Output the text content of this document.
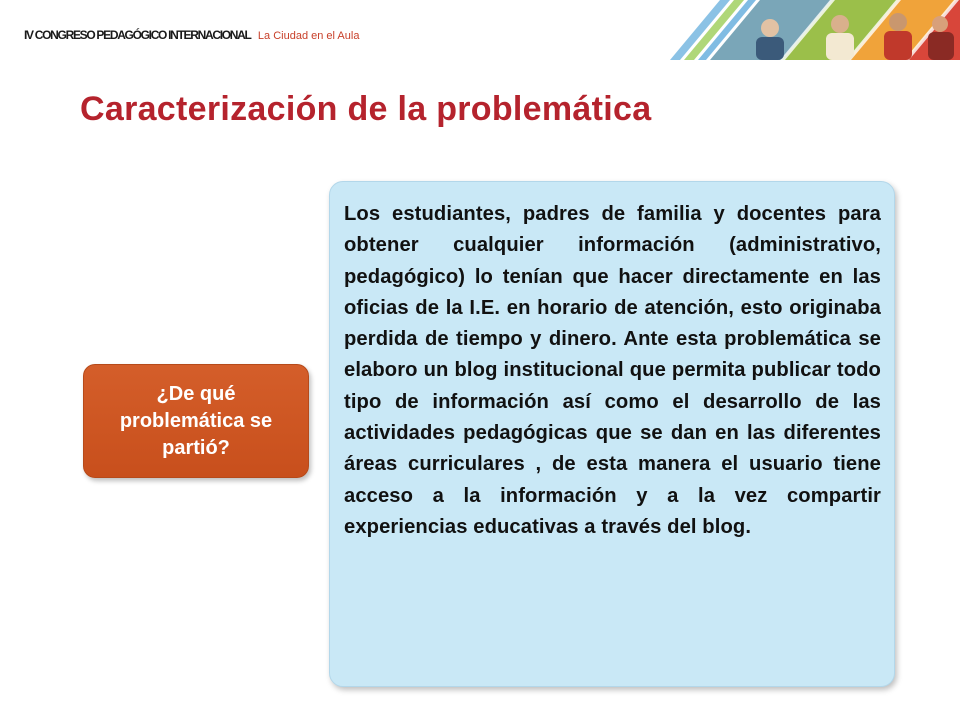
IV CONGRESO PEDAGÓGICO INTERNACIONAL La Ciudad en el Aula
Caracterización de la problemática
¿De qué problemática se partió?

Los estudiantes, padres de familia y docentes para obtener cualquier información (administrativo, pedagógico) lo tenían que hacer directamente en las oficias de la I.E. en horario de atención, esto originaba perdida de tiempo y dinero. Ante esta problemática se elaboro un blog institucional que permita publicar todo tipo de información así como el desarrollo de las actividades pedagógicas que se dan en las diferentes áreas curriculares , de esta manera el usuario tiene acceso a la información y a la vez compartir experiencias educativas a través del blog.
